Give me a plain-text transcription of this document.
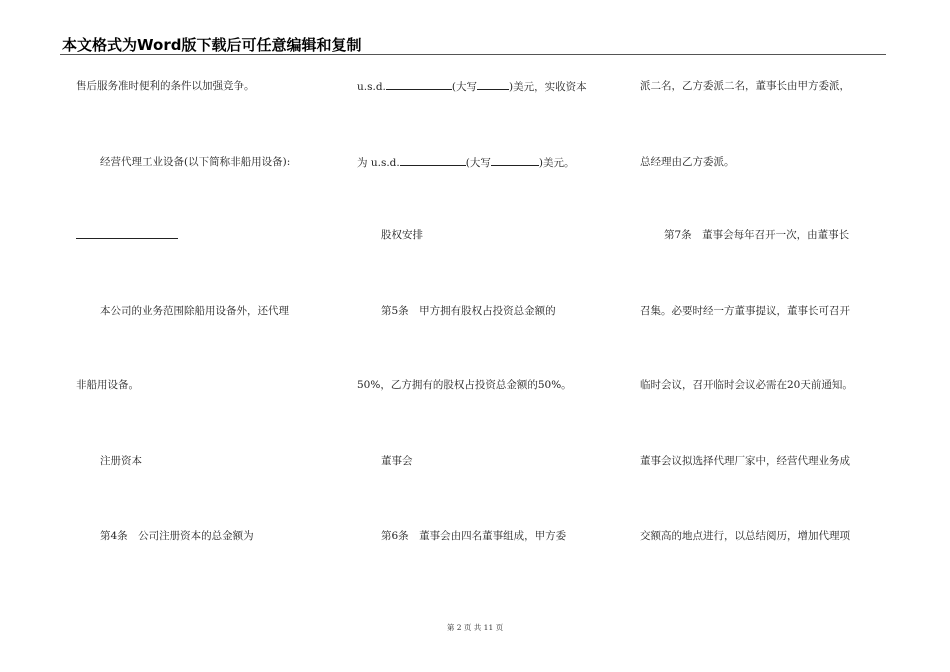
本文格式为Word版下载后可任意编辑和复制
售后服务准时便利的条件以加强竞争。
经营代理工业设备(以下简称非船用设备):
本公司的业务范围除船用设备外，还代理
非船用设备。
注册资本
第4条　公司注册资本的总金额为
u.s.d.	(大写	)美元，实收资本
为 u.s.d.	(大写	)美元。
股权安排
第5条　甲方拥有股权占投资总金额的
50%，乙方拥有的股权占投资总金额的50%。
董事会
第6条　董事会由四名董事组成，甲方委
派二名，乙方委派二名，董事长由甲方委派，
总经理由乙方委派。
第7条　董事会每年召开一次，由董事长
召集。必要时经一方董事提议，董事长可召开
临时会议，召开临时会议必需在20天前通知。
董事会议拟选择代理厂家中，经营代理业务成
交额高的地点进行，以总结阅历，增加代理项
第 2 页 共 11 页
